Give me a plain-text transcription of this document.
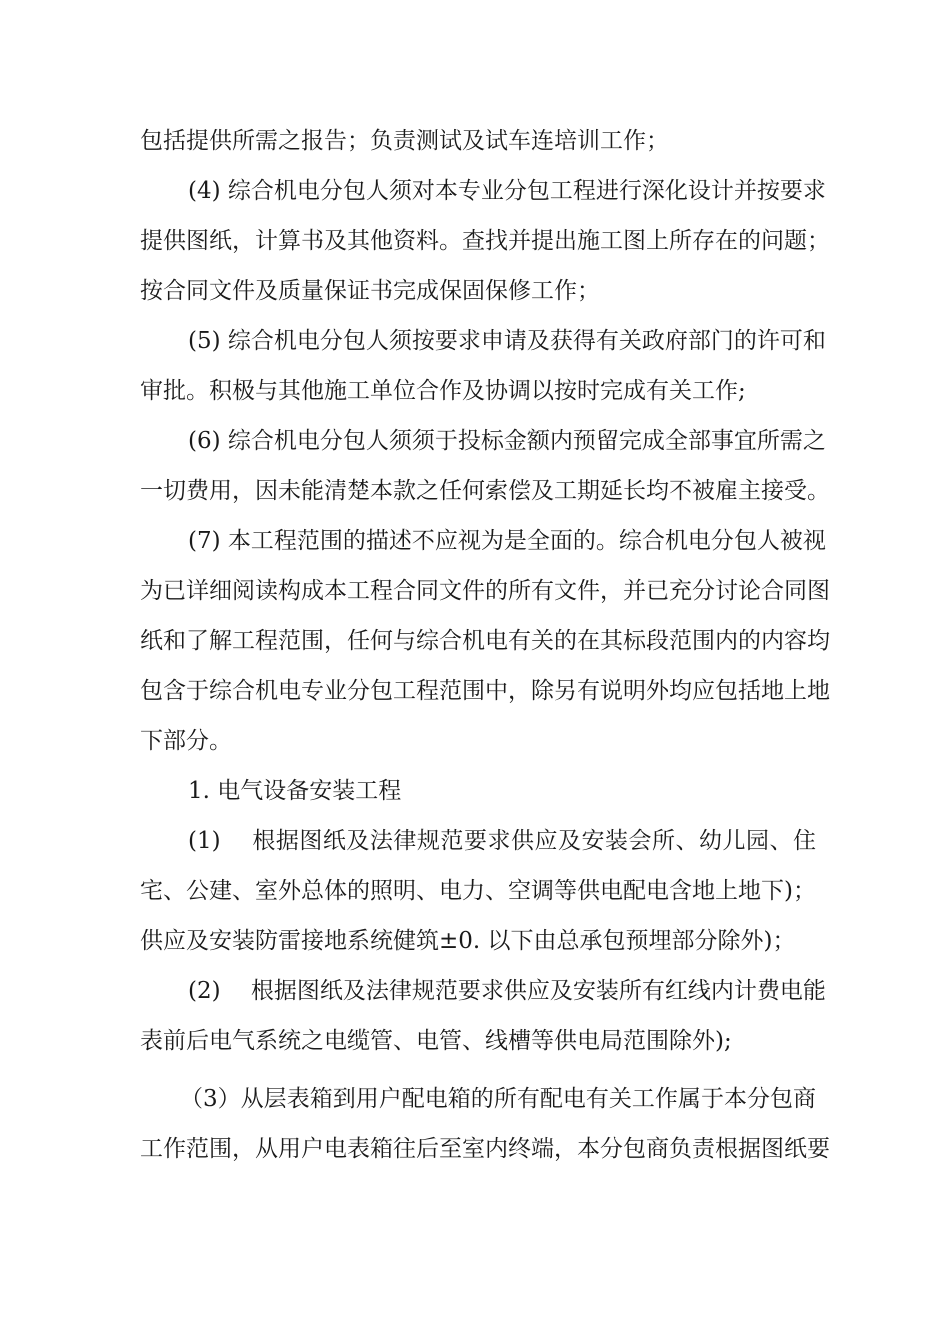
包括提供所需之报告；负责测试及试车连培训工作；
(4) 综合机电分包人须对本专业分包工程进行深化设计并按要求
提供图纸，计算书及其他资料。查找并提出施工图上所存在的问题；
按合同文件及质量保证书完成保固保修工作；
(5) 综合机电分包人须按要求申请及获得有关政府部门的许可和
审批。积极与其他施工单位合作及协调以按时完成有关工作;
(6) 综合机电分包人须须于投标金额内预留完成全部事宜所需之
一切费用，因未能清楚本款之任何索偿及工期延长均不被雇主接受。
(7) 本工程范围的描述不应视为是全面的。综合机电分包人被视
为已详细阅读构成本工程合同文件的所有文件，并已充分讨论合同图
纸和了解工程范围，任何与综合机电有关的在其标段范围内的内容均
包含于综合机电专业分包工程范围中，除另有说明外均应包括地上地
下部分。
1. 电气设备安装工程
(1)　 根据图纸及法律规范要求供应及安装会所、幼儿园、住
宅、公建、室外总体的照明、电力、空调等供电配电含地上地下)；
供应及安装防雷接地系统健筑±0. 以下由总承包预埋部分除外)；
(2)　 根据图纸及法律规范要求供应及安装所有红线内计费电能
表前后电气系统之电缆管、电管、线槽等供电局范围除外);
（3）从层表箱到用户配电箱的所有配电有关工作属于本分包商
工作范围，从用户电表箱往后至室内终端，本分包商负责根据图纸要
